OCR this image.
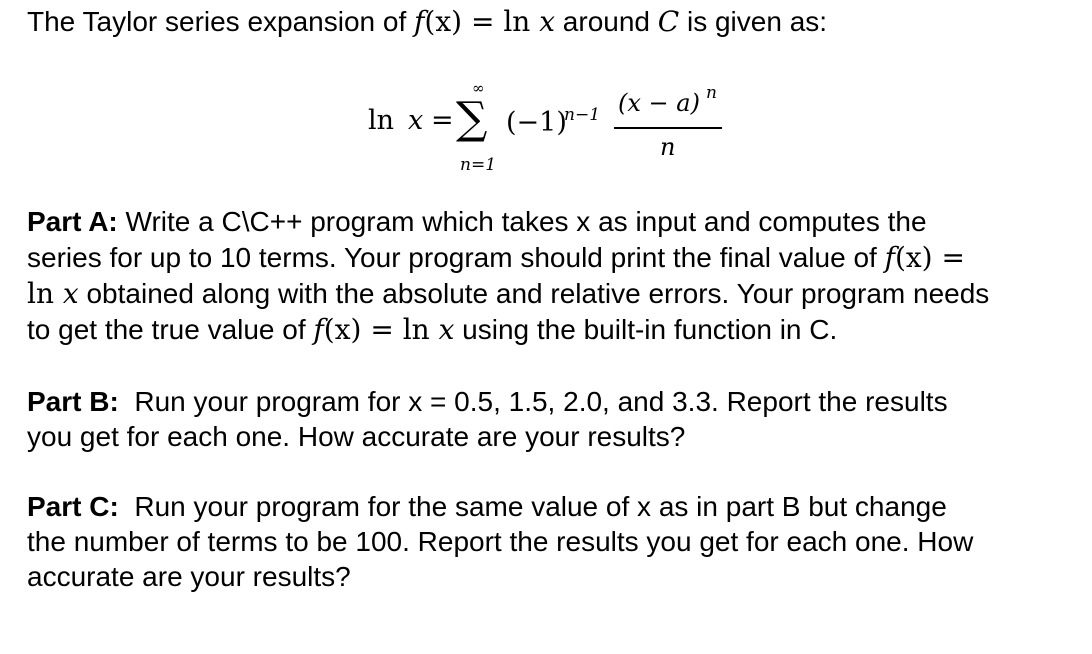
The Taylor series expansion of f(x) = ln x around C is given as:
ln x =
∞
∑
n=1
(−1)
n−1 (x − a) n
n
Part A: Write a C\C++ program which takes x as input and computes the
series for up to 10 terms. Your program should print the final value of f(x) =
ln x obtained along with the absolute and relative errors. Your program needs
to get the true value of f(x) = ln x using the built-in function in C.
Part B:  Run your program for x = 0.5, 1.5, 2.0, and 3.3. Report the results
you get for each one. How accurate are your results?
Part C:  Run your program for the same value of x as in part B but change
the number of terms to be 100. Report the results you get for each one. How
accurate are your results?
